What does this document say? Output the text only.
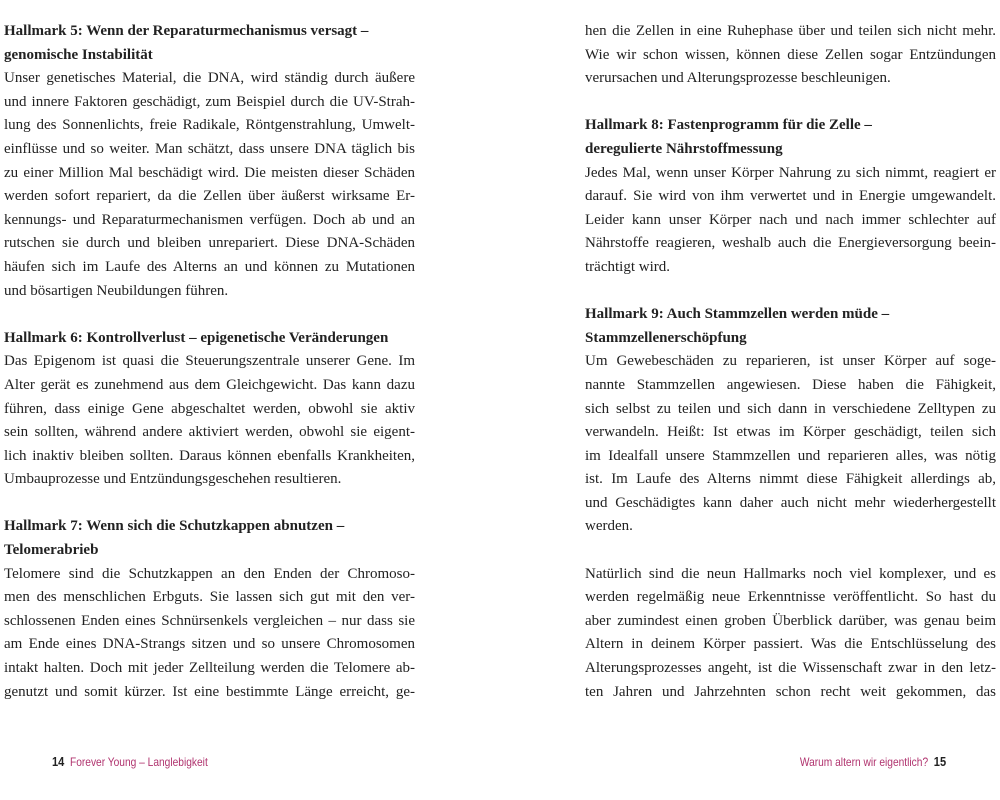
Hallmark 5: Wenn der Reparaturmechanismus versagt –
genomische Instabilität
Unser genetisches Material, die DNA, wird ständig durch äußere
und innere Faktoren geschädigt, zum Beispiel durch die UV-Strah-
lung des Sonnenlichts, freie Radikale, Röntgenstrahlung, Umwelt-
einflüsse und so weiter. Man schätzt, dass unsere DNA täglich bis
zu einer Million Mal beschädigt wird. Die meisten dieser Schäden
werden sofort repariert, da die Zellen über äußerst wirksame Er-
kennungs- und Reparaturmechanismen verfügen. Doch ab und an
rutschen sie durch und bleiben unrepariert. Diese DNA-Schäden
häufen sich im Laufe des Alterns an und können zu Mutationen
und bösartigen Neubildungen führen.
Hallmark 6: Kontrollverlust – epigenetische Veränderungen
Das Epigenom ist quasi die Steuerungszentrale unserer Gene. Im
Alter gerät es zunehmend aus dem Gleichgewicht. Das kann dazu
führen, dass einige Gene abgeschaltet werden, obwohl sie aktiv
sein sollten, während andere aktiviert werden, obwohl sie eigent-
lich inaktiv bleiben sollten. Daraus können ebenfalls Krankheiten,
Umbauprozesse und Entzündungsgeschehen resultieren.
Hallmark 7: Wenn sich die Schutzkappen abnutzen –
Telomerabrieb
Telomere sind die Schutzkappen an den Enden der Chromoso-
men des menschlichen Erbguts. Sie lassen sich gut mit den ver-
schlossenen Enden eines Schnürsenkels vergleichen – nur dass sie
am Ende eines DNA-Strangs sitzen und so unsere Chromosomen
intakt halten. Doch mit jeder Zellteilung werden die Telomere ab-
genutzt und somit kürzer. Ist eine bestimmte Länge erreicht, ge-
hen die Zellen in eine Ruhephase über und teilen sich nicht mehr.
Wie wir schon wissen, können diese Zellen sogar Entzündungen
verursachen und Alterungsprozesse beschleunigen.
Hallmark 8: Fastenprogramm für die Zelle –
deregulierte Nährstoffmessung
Jedes Mal, wenn unser Körper Nahrung zu sich nimmt, reagiert er
darauf. Sie wird von ihm verwertet und in Energie umgewandelt.
Leider kann unser Körper nach und nach immer schlechter auf
Nährstoffe reagieren, weshalb auch die Energieversorgung beein-
trächtigt wird.
Hallmark 9: Auch Stammzellen werden müde –
Stammzellenerschöpfung
Um Gewebeschäden zu reparieren, ist unser Körper auf soge-
nannte Stammzellen angewiesen. Diese haben die Fähigkeit,
sich selbst zu teilen und sich dann in verschiedene Zelltypen zu
verwandeln. Heißt: Ist etwas im Körper geschädigt, teilen sich
im Idealfall unsere Stammzellen und reparieren alles, was nötig
ist. Im Laufe des Alterns nimmt diese Fähigkeit allerdings ab,
und Geschädigtes kann daher auch nicht mehr wiederhergestellt
werden.
Natürlich sind die neun Hallmarks noch viel komplexer, und es
werden regelmäßig neue Erkenntnisse veröffentlicht. So hast du
aber zumindest einen groben Überblick darüber, was genau beim
Altern in deinem Körper passiert. Was die Entschlüsselung des
Alterungsprozesses angeht, ist die Wissenschaft zwar in den letz-
ten Jahren und Jahrzehnten schon recht weit gekommen, das
14 Forever Young – Langlebigkeit	Warum altern wir eigentlich? 15
